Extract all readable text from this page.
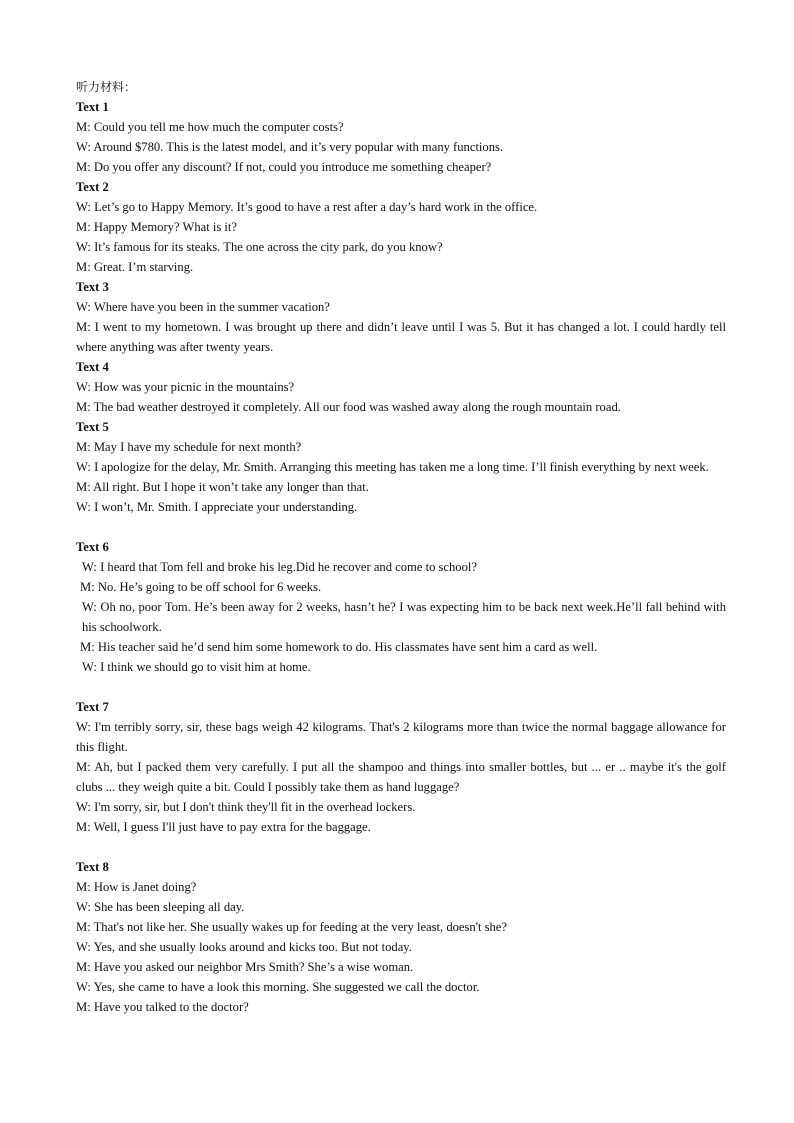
听力材料：
Text 1
M: Could you tell me how much the computer costs?
W: Around $780. This is the latest model, and it’s very popular with many functions.
M: Do you offer any discount? If not, could you introduce me something cheaper?
Text 2
W: Let’s go to Happy Memory. It’s good to have a rest after a day’s hard work in the office.
M: Happy Memory? What is it?
W: It’s famous for its steaks. The one across the city park, do you know?
M: Great. I’m starving.
Text 3
W: Where have you been in the summer vacation?
M: I went to my hometown. I was brought up there and didn’t leave until I was 5. But it has changed a lot. I could hardly tell where anything was after twenty years.
Text 4
W: How was your picnic in the mountains?
M: The bad weather destroyed it completely. All our food was washed away along the rough mountain road.
Text 5
M: May I have my schedule for next month?
W: I apologize for the delay, Mr. Smith. Arranging this meeting has taken me a long time. I’ll finish everything by next week.
M: All right. But I hope it won’t take any longer than that.
W: I won’t, Mr. Smith. I appreciate your understanding.
Text 6
W: I heard that Tom fell and broke his leg.Did he recover and come to school?
M: No. He’s going to be off school for 6 weeks.
W: Oh no, poor Tom. He’s been away for 2 weeks, hasn’t he? I was expecting him to be back next week.He’ll fall behind with his schoolwork.
M: His teacher said he’d send him some homework to do. His classmates have sent him a card as well.
W: I think we should go to visit him at home.
Text 7
W: I'm terribly sorry, sir, these bags weigh 42 kilograms. That's 2 kilograms more than twice the normal baggage allowance for this flight.
M: Ah, but I packed them very carefully. I put all the shampoo and things into smaller bottles, but ... er .. maybe it's the golf clubs ... they weigh quite a bit. Could I possibly take them as hand luggage?
W: I'm sorry, sir, but I don't think they'll fit in the overhead lockers.
M: Well, I guess I'll just have to pay extra for the baggage.
Text 8
M: How is Janet doing?
W: She has been sleeping all day.
M: That's not like her. She usually wakes up for feeding at the very least, doesn't she?
W: Yes, and she usually looks around and kicks too. But not today.
M: Have you asked our neighbor Mrs Smith? She’s a wise woman.
W: Yes, she came to have a look this morning. She suggested we call the doctor.
M: Have you talked to the doctor?
